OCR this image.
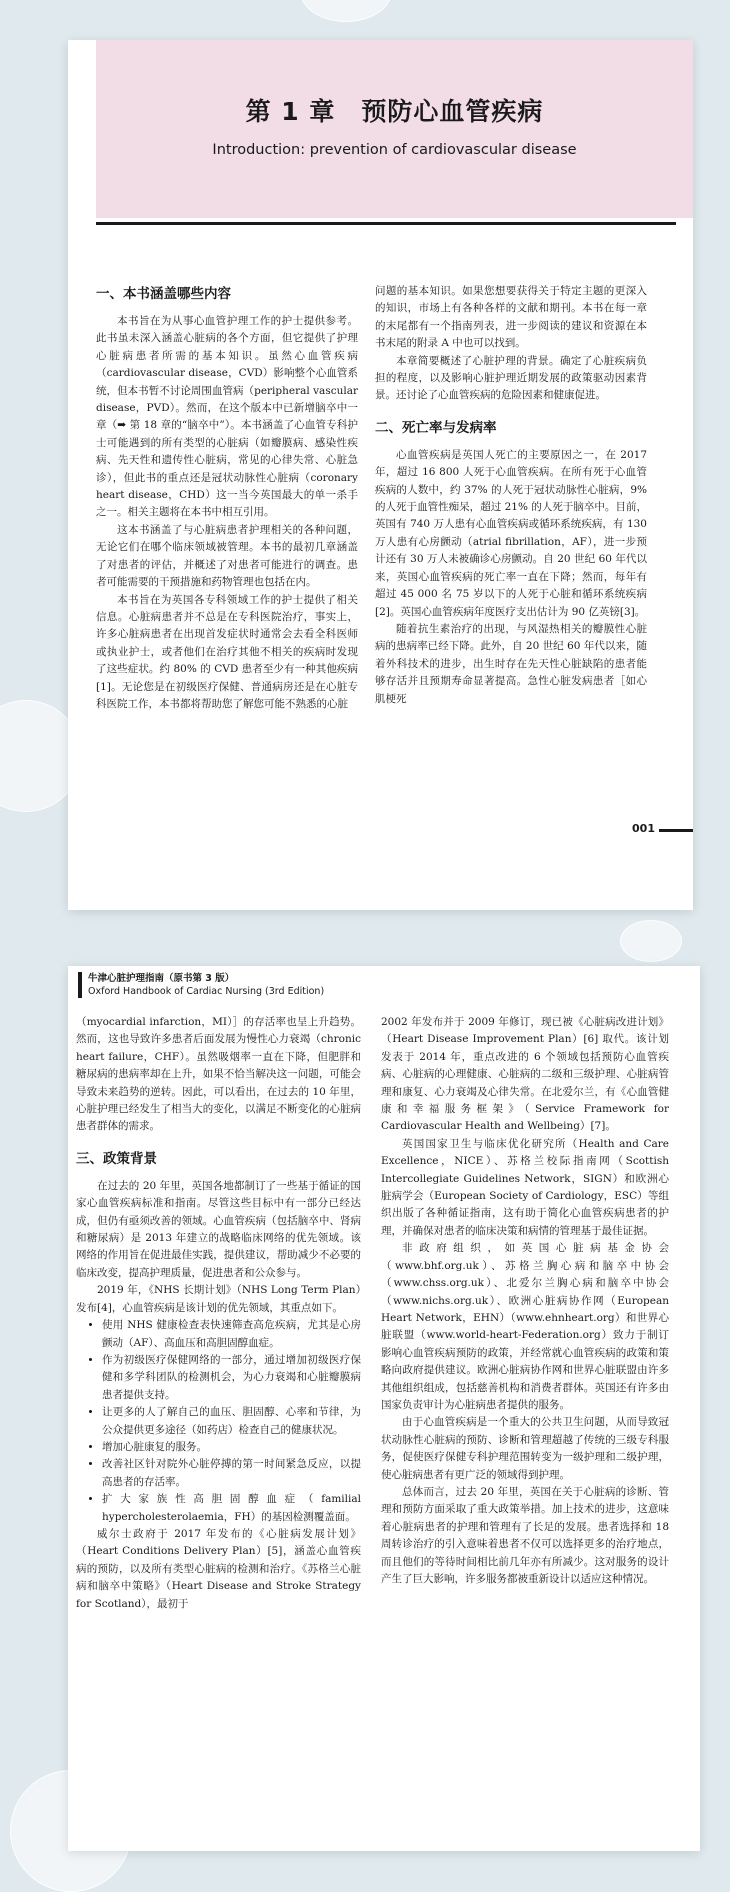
第 1 章　预防心血管疾病
Introduction: prevention of cardiovascular disease
一、本书涵盖哪些内容

本书旨在为从事心血管护理工作的护士提供参考。此书虽未深入涵盖心脏病的各个方面，但它提供了护理心脏病患者所需的基本知识。虽然心血管疾病（cardiovascular disease，CVD）影响整个心血管系统，但本书暂不讨论周围血管病（peripheral vascular disease，PVD）。然而，在这个版本中已新增脑卒中一章（➡ 第 18 章的“脑卒中”）。本书涵盖了心血管专科护士可能遇到的所有类型的心脏病（如瓣膜病、感染性疾病、先天性和遗传性心脏病，常见的心律失常、心脏急诊），但此书的重点还是冠状动脉性心脏病（coronary heart disease，CHD）这一当今英国最大的单一杀手之一。相关主题将在本书中相互引用。

这本书涵盖了与心脏病患者护理相关的各种问题，无论它们在哪个临床领域被管理。本书的最初几章涵盖了对患者的评估，并概述了对患者可能进行的调查。患者可能需要的干预措施和药物管理也包括在内。

本书旨在为英国各专科领域工作的护士提供了相关信息。心脏病患者并不总是在专科医院治疗，事实上，许多心脏病患者在出现首发症状时通常会去看全科医师或执业护士，或者他们在治疗其他不相关的疾病时发现了这些症状。约 80% 的 CVD 患者至少有一种其他疾病[1]。无论您是在初级医疗保健、普通病房还是在心脏专科医院工作，本书都将帮助您了解您可能不熟悉的心脏

问题的基本知识。如果您想要获得关于特定主题的更深入的知识，市场上有各种各样的文献和期刊。本书在每一章的末尾都有一个指南列表，进一步阅读的建议和资源在本书末尾的附录 A 中也可以找到。

本章简要概述了心脏护理的背景。确定了心脏疾病负担的程度，以及影响心脏护理近期发展的政策驱动因素背景。还讨论了心血管疾病的危险因素和健康促进。

二、死亡率与发病率

心血管疾病是英国人死亡的主要原因之一，在 2017 年，超过 16 800 人死于心血管疾病。在所有死于心血管疾病的人数中，约 37% 的人死于冠状动脉性心脏病，9% 的人死于血管性痴呆，超过 21% 的人死于脑卒中。目前，英国有 740 万人患有心血管疾病或循环系统疾病，有 130 万人患有心房颤动（atrial fibrillation，AF），进一步预计还有 30 万人未被确诊心房颤动。自 20 世纪 60 年代以来，英国心血管疾病的死亡率一直在下降；然而，每年有超过 45 000 名 75 岁以下的人死于心脏和循环系统疾病[2]。英国心血管疾病年度医疗支出估计为 90 亿英镑[3]。

随着抗生素治疗的出现，与风湿热相关的瓣膜性心脏病的患病率已经下降。此外，自 20 世纪 60 年代以来，随着外科技术的进步，出生时存在先天性心脏缺陷的患者能够存活并且预期寿命显著提高。急性心脏发病患者［如心肌梗死

001
牛津心脏护理指南（原书第 3 版）
Oxford Handbook of Cardiac Nursing (3rd Edition)

（myocardial infarction，MI）］的存活率也呈上升趋势。然而，这也导致许多患者后面发展为慢性心力衰竭（chronic heart failure，CHF）。虽然吸烟率一直在下降，但肥胖和糖尿病的患病率却在上升，如果不恰当解决这一问题，可能会导致未来趋势的逆转。因此，可以看出，在过去的 10 年里，心脏护理已经发生了相当大的变化，以满足不断变化的心脏病患者群体的需求。

三、政策背景

在过去的 20 年里，英国各地都制订了一些基于循证的国家心血管疾病标准和指南。尽管这些目标中有一部分已经达成，但仍有亟须改善的领域。心血管疾病（包括脑卒中、肾病和糖尿病）是 2013 年建立的战略临床网络的优先领域。该网络的作用旨在促进最佳实践，提供建议，帮助减少不必要的临床改变，提高护理质量，促进患者和公众参与。

2019 年，《NHS 长期计划》（NHS Long Term Plan）发布[4]，心血管疾病是该计划的优先领域，其重点如下。

• 使用 NHS 健康检查表快速筛查高危疾病，尤其是心房颤动（AF）、高血压和高胆固醇血症。
• 作为初级医疗保健网络的一部分，通过增加初级医疗保健和多学科团队的检测机会，为心力衰竭和心脏瓣膜病患者提供支持。
• 让更多的人了解自己的血压、胆固醇、心率和节律，为公众提供更多途径（如药店）检查自己的健康状况。
• 增加心脏康复的服务。
• 改善社区针对院外心脏停搏的第一时间紧急反应，以提高患者的存活率。
• 扩大家族性高胆固醇血症（familial hypercholesterolaemia，FH）的基因检测覆盖面。

威尔士政府于 2017 年发布的《心脏病发展计划》（Heart Conditions Delivery Plan）[5]，涵盖心血管疾病的预防，以及所有类型心脏病的检测和治疗。《苏格兰心脏病和脑卒中策略》（Heart Disease and Stroke Strategy for Scotland），最初于

2002 年发布并于 2009 年修订，现已被《心脏病改进计划》（Heart Disease Improvement Plan）[6] 取代。该计划发表于 2014 年，重点改进的 6 个领域包括预防心血管疾病、心脏病的心理健康、心脏病的二级和三级护理、心脏病管理和康复、心力衰竭及心律失常。在北爱尔兰，有《心血管健康和幸福服务框架》（Service Framework for Cardiovascular Health and Wellbeing）[7]。

英国国家卫生与临床优化研究所（Health and Care Excellence，NICE）、苏格兰校际指南网（Scottish Intercollegiate Guidelines Network，SIGN）和欧洲心脏病学会（European Society of Cardiology，ESC）等组织出版了各种循证指南，这有助于简化心血管疾病患者的护理，并确保对患者的临床决策和病情的管理基于最佳证据。

非政府组织，如英国心脏病基金协会（www.bhf.org.uk）、苏格兰胸心病和脑卒中协会（www.chss.org.uk）、北爱尔兰胸心病和脑卒中协会（www.nichs.org.uk）、欧洲心脏病协作网（European Heart Network，EHN）（www.ehnheart.org）和世界心脏联盟（www.world-heart-Federation.org）致力于制订影响心血管疾病预防的政策，并经常就心血管疾病的政策和策略向政府提供建议。欧洲心脏病协作网和世界心脏联盟由许多其他组织组成，包括慈善机构和消费者群体。英国还有许多由国家负责审计为心脏病患者提供的服务。

由于心血管疾病是一个重大的公共卫生问题，从而导致冠状动脉性心脏病的预防、诊断和管理超越了传统的三级专科服务，促使医疗保健专科护理范围转变为一级护理和二级护理，使心脏病患者有更广泛的领域得到护理。

总体而言，过去 20 年里，英国在关于心脏病的诊断、管理和预防方面采取了重大政策举措。加上技术的进步，这意味着心脏病患者的护理和管理有了长足的发展。患者选择和 18 周转诊治疗的引入意味着患者不仅可以选择更多的治疗地点，而且他们的等待时间相比前几年亦有所减少。这对服务的设计产生了巨大影响，许多服务都被重新设计以适应这种情况。
